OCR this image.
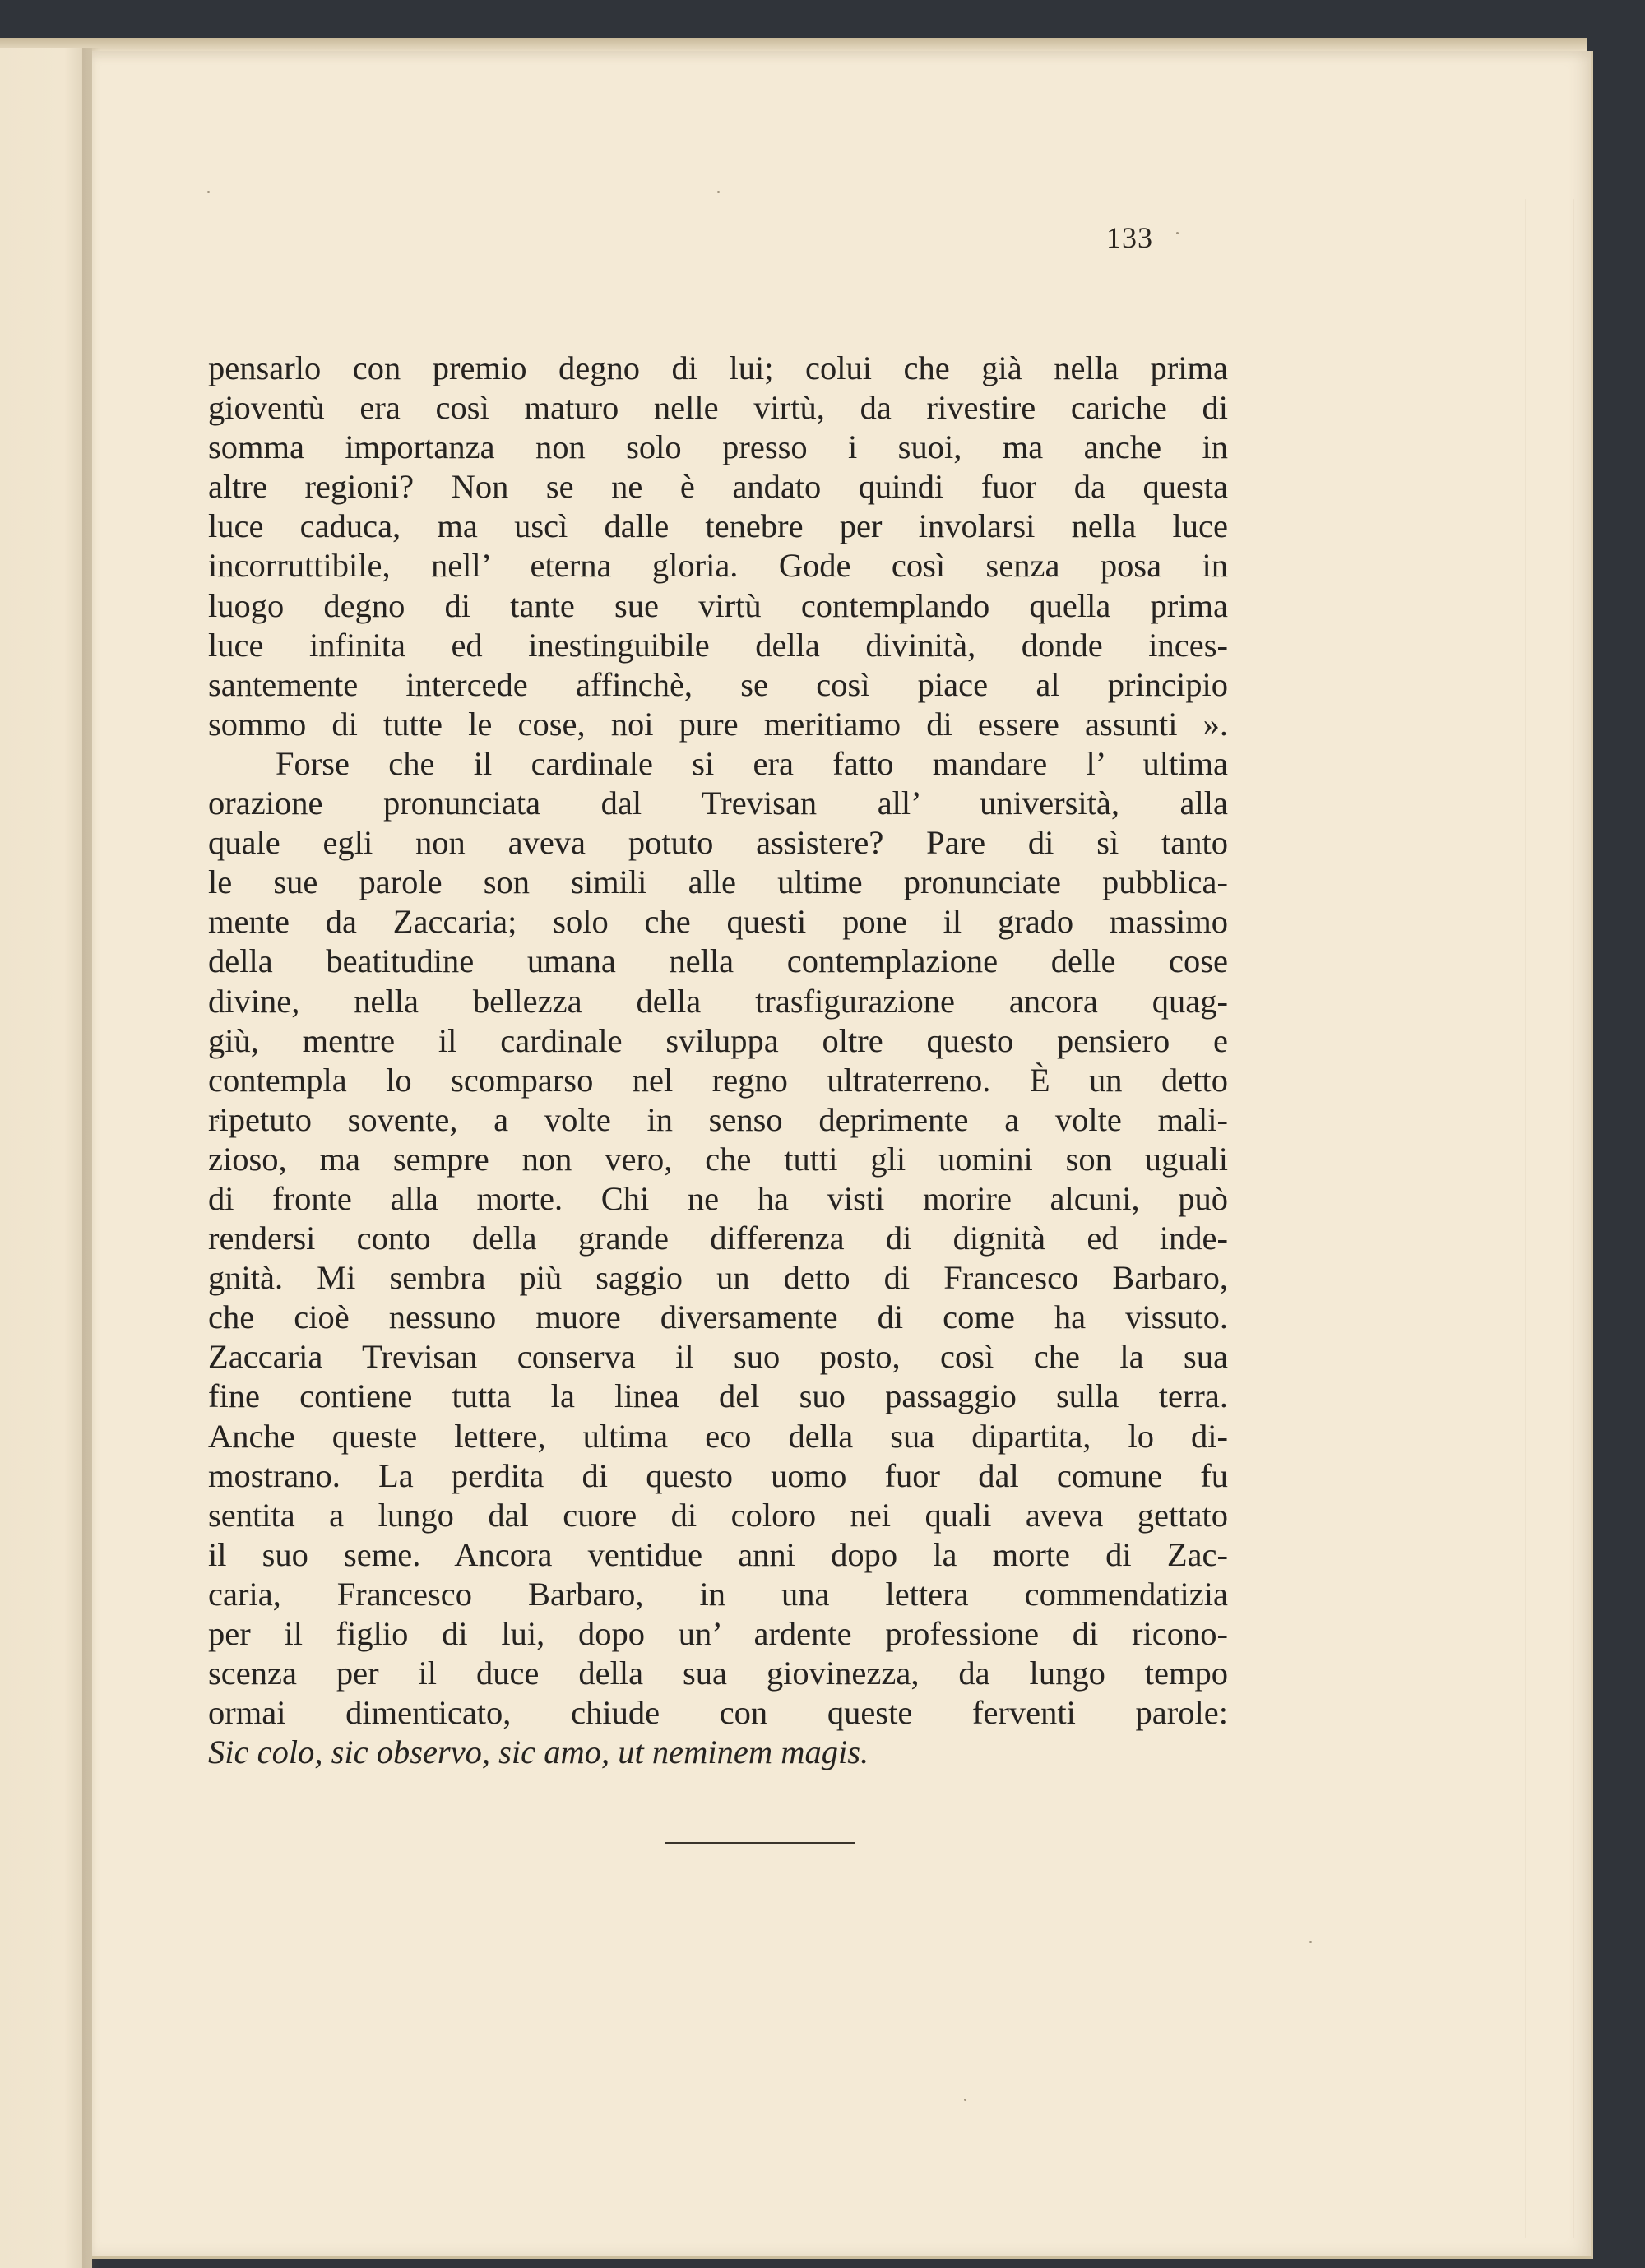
133
pensarlo con premio degno di lui; colui che già nella prima
gioventù era così maturo nelle virtù, da rivestire cariche di
somma importanza non solo presso i suoi, ma anche in
altre regioni? Non se ne è andato quindi fuor da questa
luce caduca, ma uscì dalle tenebre per involarsi nella luce
incorruttibile, nell’ eterna gloria. Gode così senza posa in
luogo degno di tante sue virtù contemplando quella prima
luce infinita ed inestinguibile della divinità, donde inces-
santemente intercede affinchè, se così piace al principio
sommo di tutte le cose, noi pure meritiamo di essere assunti ».
Forse che il cardinale si era fatto mandare l’ ultima
orazione pronunciata dal Trevisan all’ università, alla
quale egli non aveva potuto assistere? Pare di sì tanto
le sue parole son simili alle ultime pronunciate pubblica-
mente da Zaccaria; solo che questi pone il grado massimo
della beatitudine umana nella contemplazione delle cose
divine, nella bellezza della trasfigurazione ancora quag-
giù, mentre il cardinale sviluppa oltre questo pensiero e
contempla lo scomparso nel regno ultraterreno. È un detto
ripetuto sovente, a volte in senso deprimente a volte mali-
zioso, ma sempre non vero, che tutti gli uomini son uguali
di fronte alla morte. Chi ne ha visti morire alcuni, può
rendersi conto della grande differenza di dignità ed inde-
gnità. Mi sembra più saggio un detto di Francesco Barbaro,
che cioè nessuno muore diversamente di come ha vissuto.
Zaccaria Trevisan conserva il suo posto, così che la sua
fine contiene tutta la linea del suo passaggio sulla terra.
Anche queste lettere, ultima eco della sua dipartita, lo di-
mostrano. La perdita di questo uomo fuor dal comune fu
sentita a lungo dal cuore di coloro nei quali aveva gettato
il suo seme. Ancora ventidue anni dopo la morte di Zac-
caria, Francesco Barbaro, in una lettera commendatizia
per il figlio di lui, dopo un’ ardente professione di ricono-
scenza per il duce della sua giovinezza, da lungo tempo
ormai dimenticato, chiude con queste ferventi parole:
Sic colo, sic observo, sic amo, ut neminem magis.
